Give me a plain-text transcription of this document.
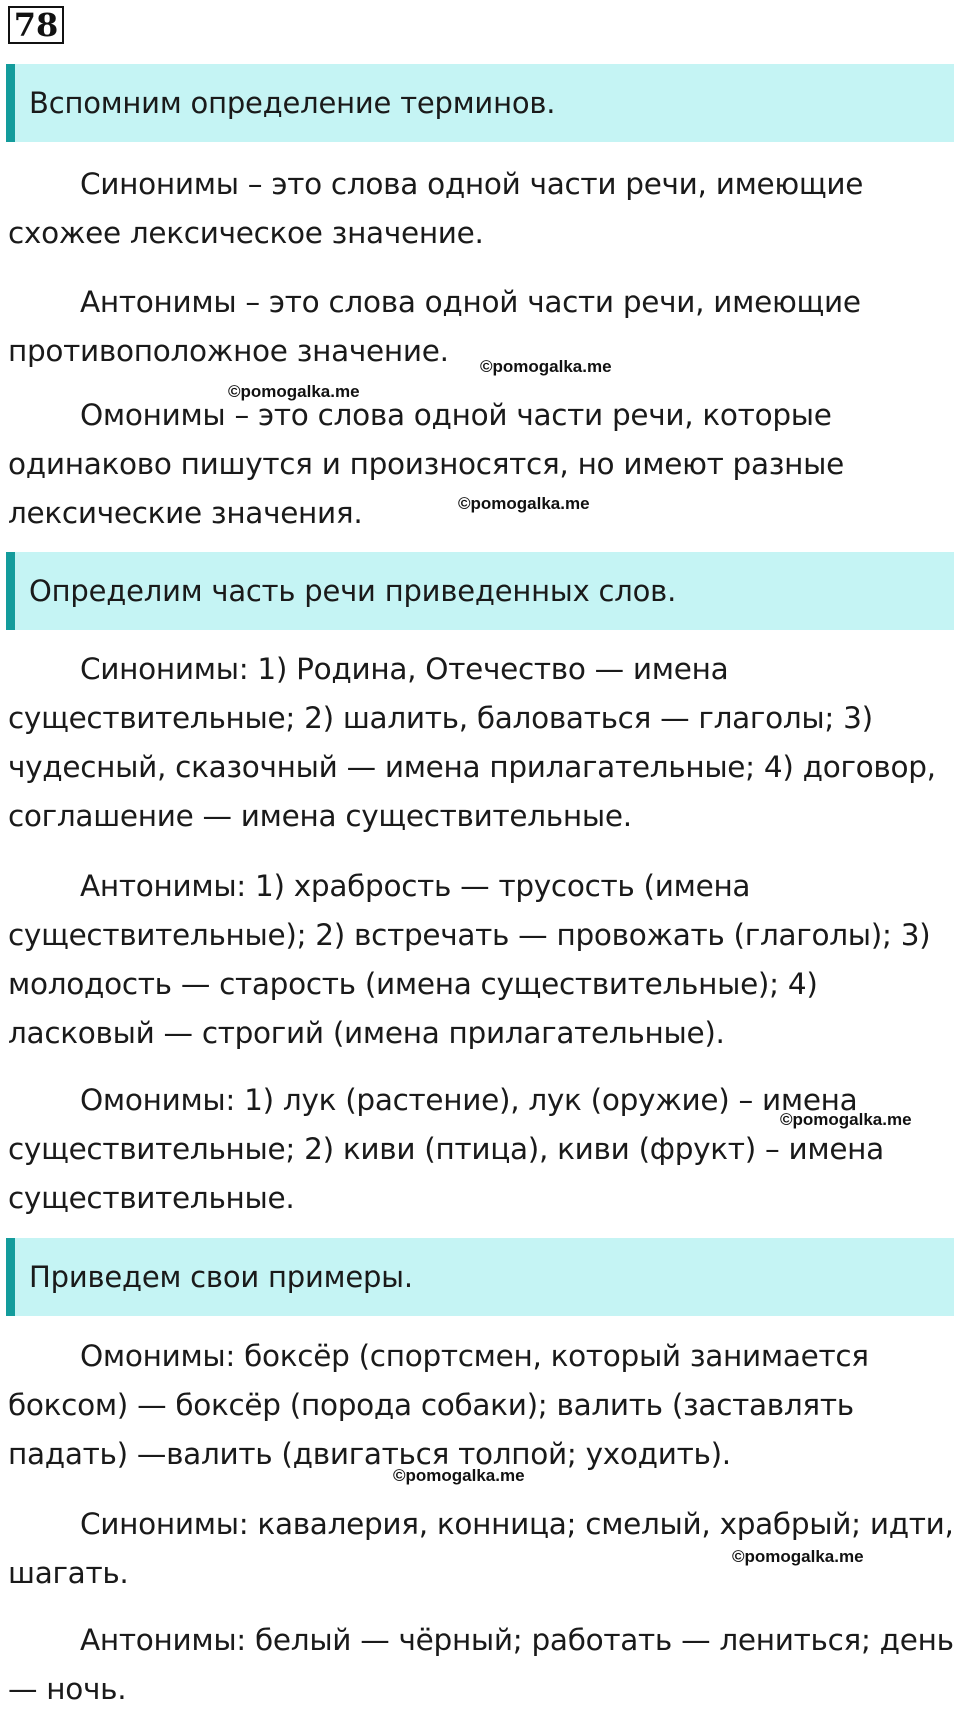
78
Вспомним определение терминов.

Синонимы – это слова одной части речи, имеющие схожее лексическое значение.

Антонимы – это слова одной части речи, имеющие противоположное значение.

Омонимы – это слова одной части речи, которые одинаково пишутся и произносятся, но имеют разные лексические значения.

Определим часть речи приведенных слов.

Синонимы: 1) Родина, Отечество — имена существительные; 2) шалить, баловаться — глаголы; 3) чудесный, сказочный — имена прилагательные; 4) договор, соглашение — имена существительные.

Антонимы: 1) храбрость — трусость (имена существительные); 2) встречать — провожать (глаголы); 3) молодость — старость (имена существительные); 4) ласковый — строгий (имена прилагательные).

Омонимы: 1) лук (растение), лук (оружие) – имена существительные; 2) киви (птица), киви (фрукт) – имена существительные.

Приведем свои примеры.

Омонимы: боксёр (спортсмен, который занимается боксом) — боксёр (порода собаки); валить (заставлять падать) —валить (двигаться толпой; уходить).

Синонимы: кавалерия, конница; смелый, храбрый; идти, шагать.

Антонимы: белый — чёрный; работать — лениться; день — ночь.

©pomogalka.me
©pomogalka.me
©pomogalka.me
©pomogalka.me
©pomogalka.me
©pomogalka.me
